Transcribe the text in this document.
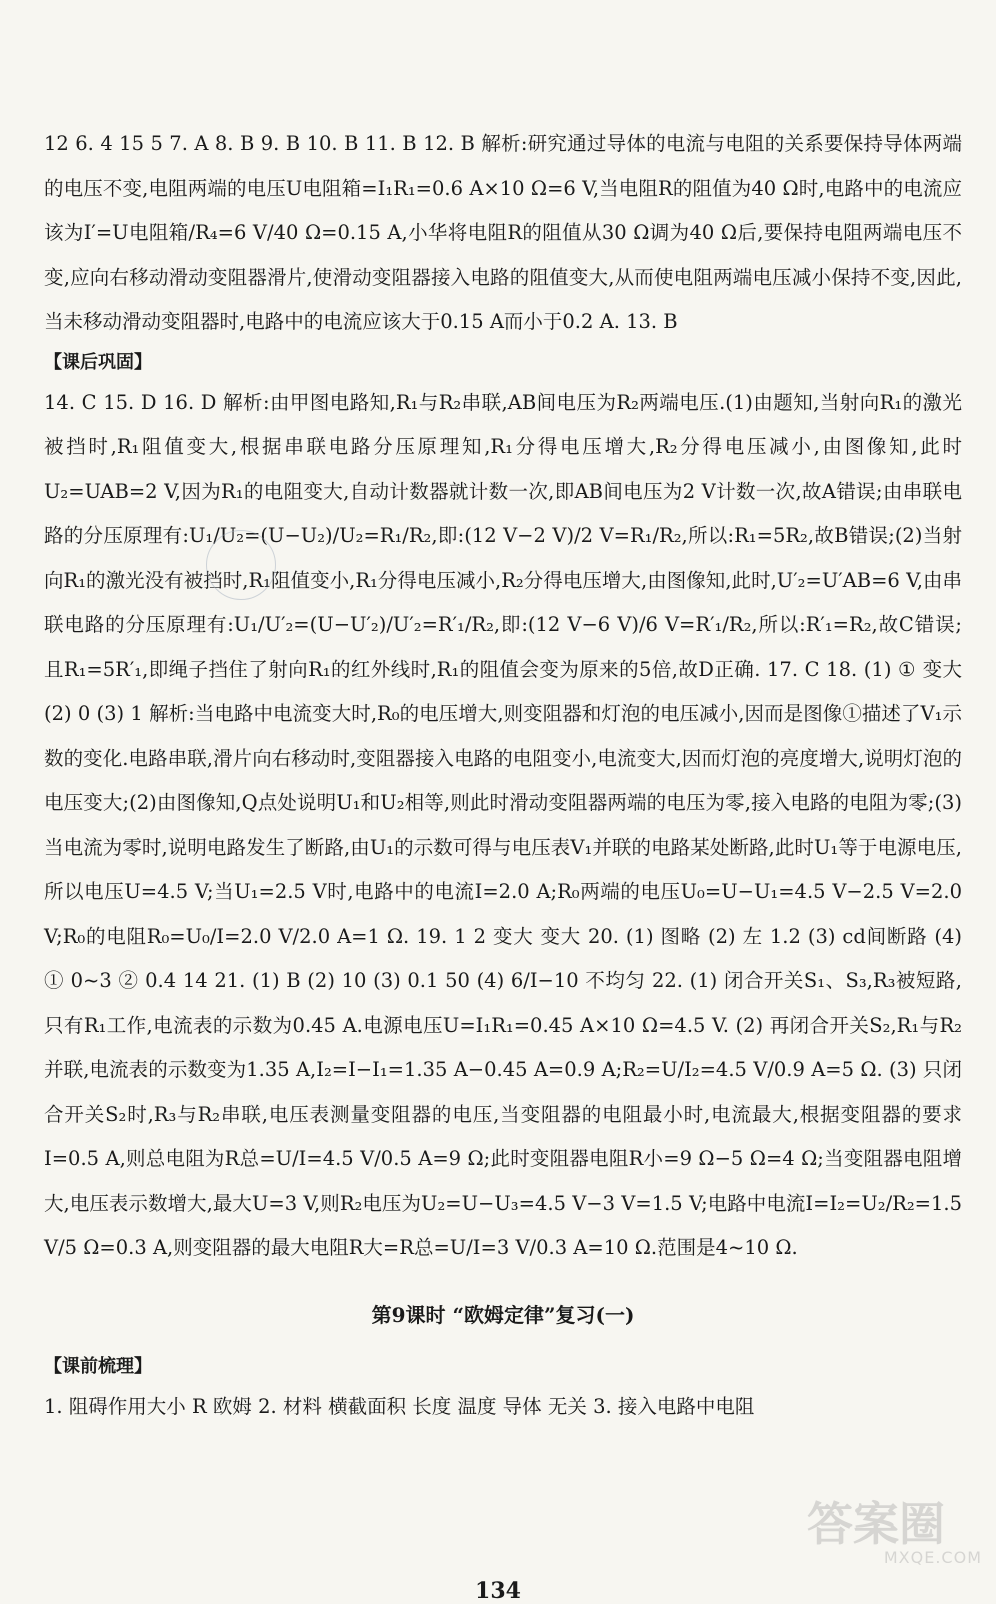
12 6. 4 15 5 7. A 8. B 9. B 10. B 11. B 12. B 解析:研究通过导体的电流与电阻的关系要保持导体两端的电压不变,电阻两端的电压U电阻箱=I₁R₁=0.6 A×10 Ω=6 V,当电阻R的阻值为40 Ω时,电路中的电流应该为I′=U电阻箱/R₄=6 V/40 Ω=0.15 A,小华将电阻R的阻值从30 Ω调为40 Ω后,要保持电阻两端电压不变,应向右移动滑动变阻器滑片,使滑动变阻器接入电路的阻值变大,从而使电阻两端电压减小保持不变,因此,当未移动滑动变阻器时,电路中的电流应该大于0.15 A而小于0.2 A. 13. B

【课后巩固】

14. C 15. D 16. D 解析:由甲图电路知,R₁与R₂串联,AB间电压为R₂两端电压.(1)由题知,当射向R₁的激光被挡时,R₁阻值变大,根据串联电路分压原理知,R₁分得电压增大,R₂分得电压减小,由图像知,此时U₂=UAB=2 V,因为R₁的电阻变大,自动计数器就计数一次,即AB间电压为2 V计数一次,故A错误;由串联电路的分压原理有:U₁/U₂=(U−U₂)/U₂=R₁/R₂,即:(12 V−2 V)/2 V=R₁/R₂,所以:R₁=5R₂,故B错误;(2)当射向R₁的激光没有被挡时,R₁阻值变小,R₁分得电压减小,R₂分得电压增大,由图像知,此时,U′₂=U′AB=6 V,由串联电路的分压原理有:U₁/U′₂=(U−U′₂)/U′₂=R′₁/R₂,即:(12 V−6 V)/6 V=R′₁/R₂,所以:R′₁=R₂,故C错误;且R₁=5R′₁,即绳子挡住了射向R₁的红外线时,R₁的阻值会变为原来的5倍,故D正确. 17. C 18. (1) ① 变大 (2) 0 (3) 1 解析:当电路中电流变大时,R₀的电压增大,则变阻器和灯泡的电压减小,因而是图像①描述了V₁示数的变化.电路串联,滑片向右移动时,变阻器接入电路的电阻变小,电流变大,因而灯泡的亮度增大,说明灯泡的电压变大;(2)由图像知,Q点处说明U₁和U₂相等,则此时滑动变阻器两端的电压为零,接入电路的电阻为零;(3)当电流为零时,说明电路发生了断路,由U₁的示数可得与电压表V₁并联的电路某处断路,此时U₁等于电源电压,所以电压U=4.5 V;当U₁=2.5 V时,电路中的电流I=2.0 A;R₀两端的电压U₀=U−U₁=4.5 V−2.5 V=2.0 V;R₀的电阻R₀=U₀/I=2.0 V/2.0 A=1 Ω. 19. 1 2 变大 变大 20. (1) 图略 (2) 左 1.2 (3) cd间断路 (4) ① 0~3 ② 0.4 14 21. (1) B (2) 10 (3) 0.1 50 (4) 6/I−10 不均匀 22. (1) 闭合开关S₁、S₃,R₃被短路,只有R₁工作,电流表的示数为0.45 A.电源电压U=I₁R₁=0.45 A×10 Ω=4.5 V. (2) 再闭合开关S₂,R₁与R₂并联,电流表的示数变为1.35 A,I₂=I−I₁=1.35 A−0.45 A=0.9 A;R₂=U/I₂=4.5 V/0.9 A=5 Ω. (3) 只闭合开关S₂时,R₃与R₂串联,电压表测量变阻器的电压,当变阻器的电阻最小时,电流最大,根据变阻器的要求I=0.5 A,则总电阻为R总=U/I=4.5 V/0.5 A=9 Ω;此时变阻器电阻R小=9 Ω−5 Ω=4 Ω;当变阻器电阻增大,电压表示数增大,最大U=3 V,则R₂电压为U₂=U−U₃=4.5 V−3 V=1.5 V;电路中电流I=I₂=U₂/R₂=1.5 V/5 Ω=0.3 A,则变阻器的最大电阻R大=R总=U/I=3 V/0.3 A=10 Ω.范围是4~10 Ω.

第9课时 “欧姆定律”复习(一)

【课前梳理】

1. 阻碍作用大小 R 欧姆 2. 材料 横截面积 长度 温度 导体 无关 3. 接入电路中电阻

答案圈
MXQE.COM
134
